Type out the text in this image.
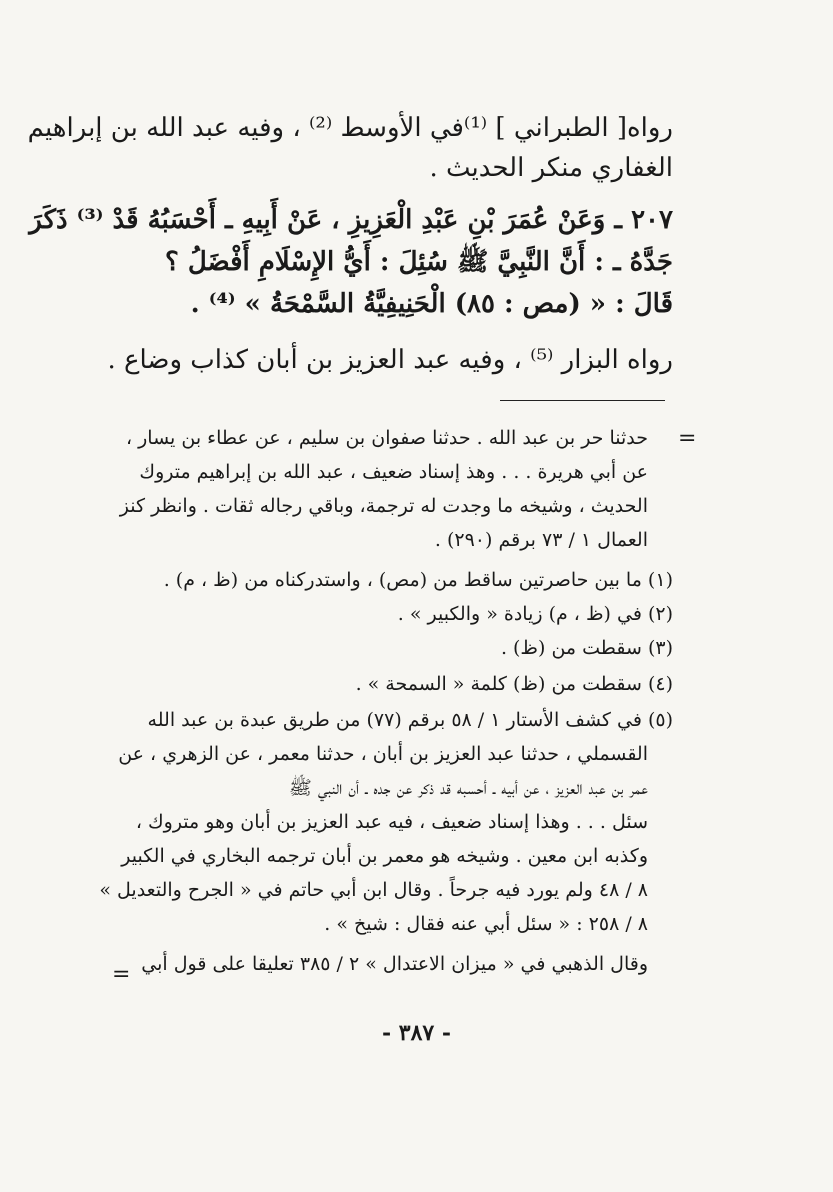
رواه[ الطبراني ] ⁽¹⁾في الأوسط ⁽²⁾ ، وفيه عبد الله بن إبراهيم
الغفاري منكر الحديث .
٢٠٧ ـ وَعَنْ عُمَرَ بْنِ عَبْدِ الْعَزِيزِ ، عَنْ أَبِيهِ ـ أَحْسَبُهُ قَدْ ⁽³⁾ ذَكَرَ
جَدَّهُ ـ : أَنَّ النَّبِيَّ ﷺ سُئِلَ : أَيُّ الإِسْلَامِ أَفْضَلُ ؟
قَالَ : « (مص : ٨٥) الْحَنِيفِيَّةُ السَّمْحَةُ » ⁽⁴⁾ .
رواه البزار ⁽⁵⁾ ، وفيه عبد العزيز بن أبان كذاب وضاع .
=
حدثنا حر بن عبد الله . حدثنا صفوان بن سليم ، عن عطاء بن يسار ،
عن أبي هريرة . . . وهذ إسناد ضعيف ، عبد الله بن إبراهيم متروك
الحديث ، وشيخه ما وجدت له ترجمة، وباقي رجاله ثقات . وانظر كنز
العمال ١ / ٧٣ برقم (٢٩٠) .
(١) ما بين حاصرتين ساقط من (مص) ، واستدركناه من (ظ ، م) .
(٢) في (ظ ، م) زيادة « والكبير » .
(٣) سقطت من (ظ) .
(٤) سقطت من (ظ) كلمة « السمحة » .
(٥) في كشف الأستار ١ / ٥٨ برقم (٧٧) من طريق عبدة بن عبد الله
القسملي ، حدثنا عبد العزيز بن أبان ، حدثنا معمر ، عن الزهري ، عن
عمر بن عبد العزيز ، عن أبيه ـ أحسبه قد ذكر عن جده ـ أن النبي ﷺ
سئل . . . وهذا إسناد ضعيف ، فيه عبد العزيز بن أبان وهو متروك ،
وكذبه ابن معين . وشيخه هو معمر بن أبان ترجمه البخاري في الكبير
٨ / ٤٨ ولم يورد فيه جرحاً . وقال ابن أبي حاتم في « الجرح والتعديل »
٨ / ٢٥٨ : « سئل أبي عنه فقال : شيخ » .
وقال الذهبي في « ميزان الاعتدال » ٢ / ٣٨٥ تعليقا على قول أبي
=
- ٣٨٧ -
